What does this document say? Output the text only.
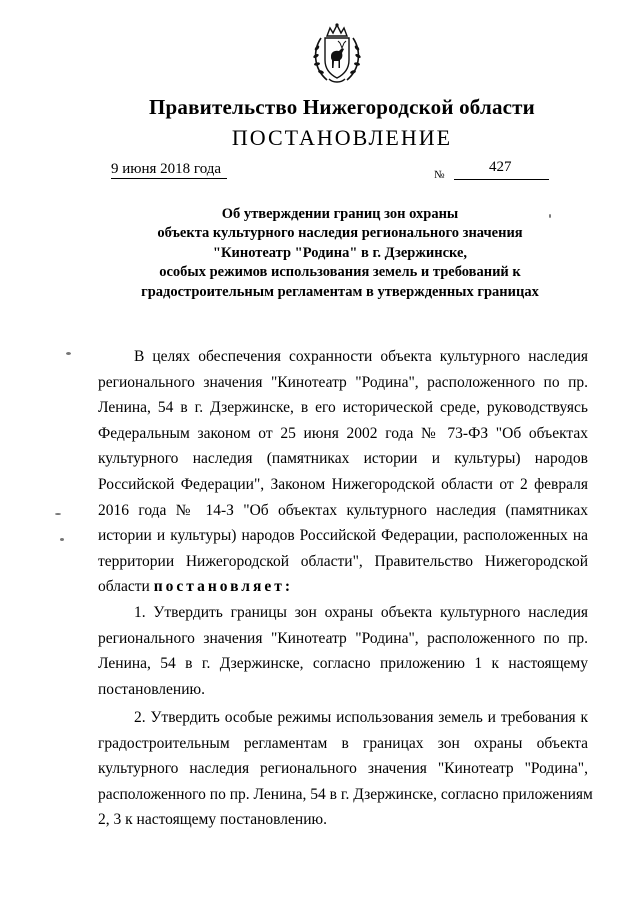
Правительство Нижегородской области
ПОСТАНОВЛЕНИЕ
9 июня 2018 года	№	427
Об утверждении границ зон охраны
объекта культурного наследия регионального значения
"Кинотеатр "Родина" в г. Дзержинске,
особых режимов использования земель и требований к
градостроительным регламентам в утвержденных границах
В целях обеспечения сохранности объекта культурного наследия
регионального значения "Кинотеатр "Родина", расположенного по пр.
Ленина, 54 в г. Дзержинске, в его исторической среде, руководствуясь
Федеральным законом от 25 июня 2002 года № 73-ФЗ "Об объектах
культурного наследия (памятниках истории и культуры) народов
Российской Федерации", Законом Нижегородской области от 2 февраля
2016 года № 14-З "Об объектах культурного наследия (памятниках
истории и культуры) народов Российской Федерации, расположенных на
территории Нижегородской области", Правительство Нижегородской
области постановляет:
1. Утвердить границы зон охраны объекта культурного наследия
регионального значения "Кинотеатр "Родина", расположенного по пр.
Ленина, 54 в г. Дзержинске, согласно приложению 1 к настоящему
постановлению.
2. Утвердить особые режимы использования земель и требования к
градостроительным регламентам в границах зон охраны объекта
культурного наследия регионального значения "Кинотеатр "Родина",
расположенного по пр. Ленина, 54 в г. Дзержинске, согласно приложениям
2, 3 к настоящему постановлению.
